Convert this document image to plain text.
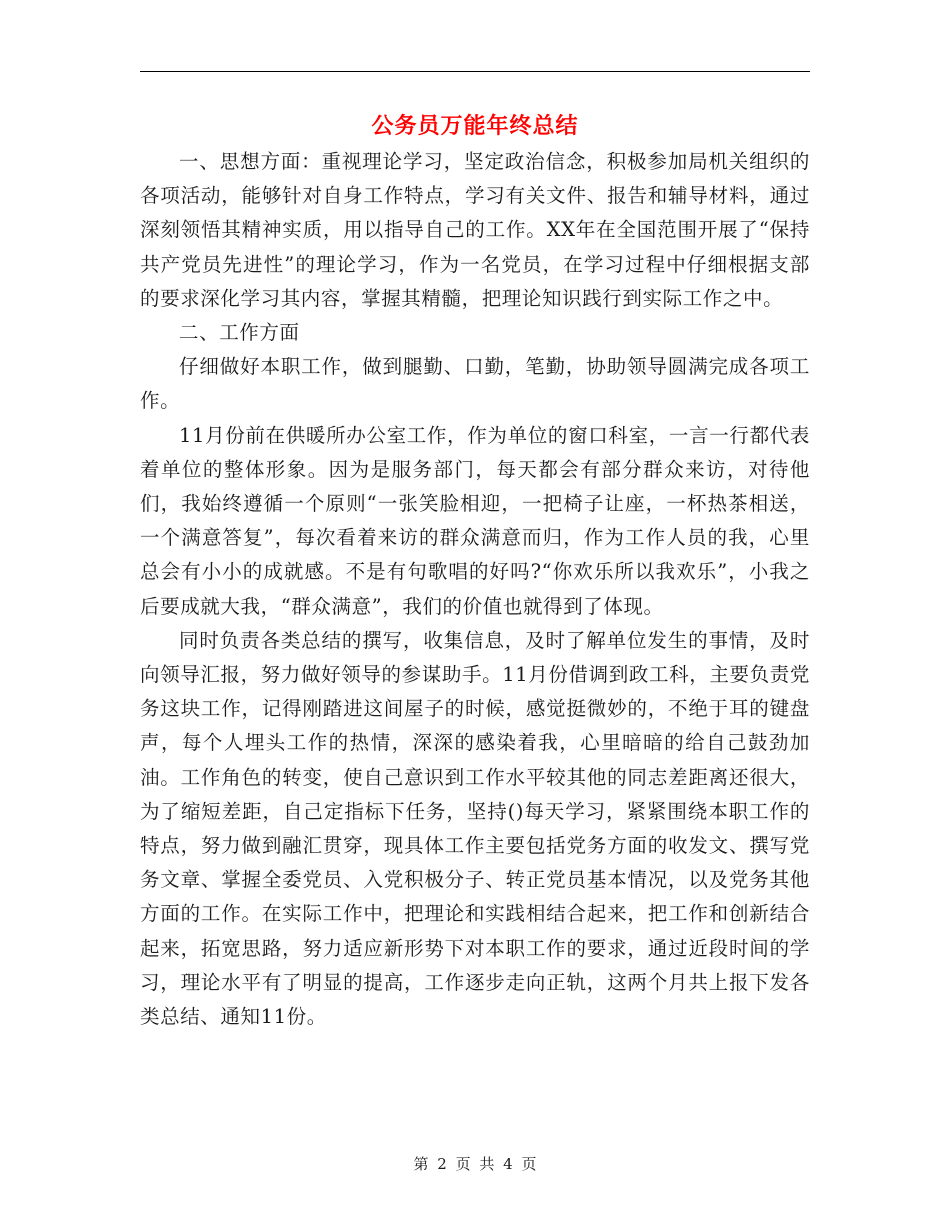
公务员万能年终总结

一、思想方面：重视理论学习，坚定政治信念，积极参加局机关组织的各项活动，能够针对自身工作特点，学习有关文件、报告和辅导材料，通过深刻领悟其精神实质，用以指导自己的工作。XX年在全国范围开展了“保持共产党员先进性”的理论学习，作为一名党员，在学习过程中仔细根据支部的要求深化学习其内容，掌握其精髓，把理论知识践行到实际工作之中。

二、工作方面

仔细做好本职工作，做到腿勤、口勤，笔勤，协助领导圆满完成各项工作。

11月份前在供暖所办公室工作，作为单位的窗口科室，一言一行都代表着单位的整体形象。因为是服务部门，每天都会有部分群众来访，对待他们，我始终遵循一个原则“一张笑脸相迎，一把椅子让座，一杯热茶相送，一个满意答复”，每次看着来访的群众满意而归，作为工作人员的我，心里总会有小小的成就感。不是有句歌唱的好吗?“你欢乐所以我欢乐”，小我之后要成就大我，“群众满意”，我们的价值也就得到了体现。

同时负责各类总结的撰写，收集信息，及时了解单位发生的事情，及时向领导汇报，努力做好领导的参谋助手。11月份借调到政工科，主要负责党务这块工作，记得刚踏进这间屋子的时候，感觉挺微妙的，不绝于耳的键盘声，每个人埋头工作的热情，深深的感染着我，心里暗暗的给自己鼓劲加油。工作角色的转变，使自己意识到工作水平较其他的同志差距离还很大，为了缩短差距，自己定指标下任务，坚持()每天学习，紧紧围绕本职工作的特点，努力做到融汇贯穿，现具体工作主要包括党务方面的收发文、撰写党务文章、掌握全委党员、入党积极分子、转正党员基本情况，以及党务其他方面的工作。在实际工作中，把理论和实践相结合起来，把工作和创新结合起来，拓宽思路，努力适应新形势下对本职工作的要求，通过近段时间的学习，理论水平有了明显的提高，工作逐步走向正轨，这两个月共上报下发各类总结、通知11份。

第 2 页 共 4 页
